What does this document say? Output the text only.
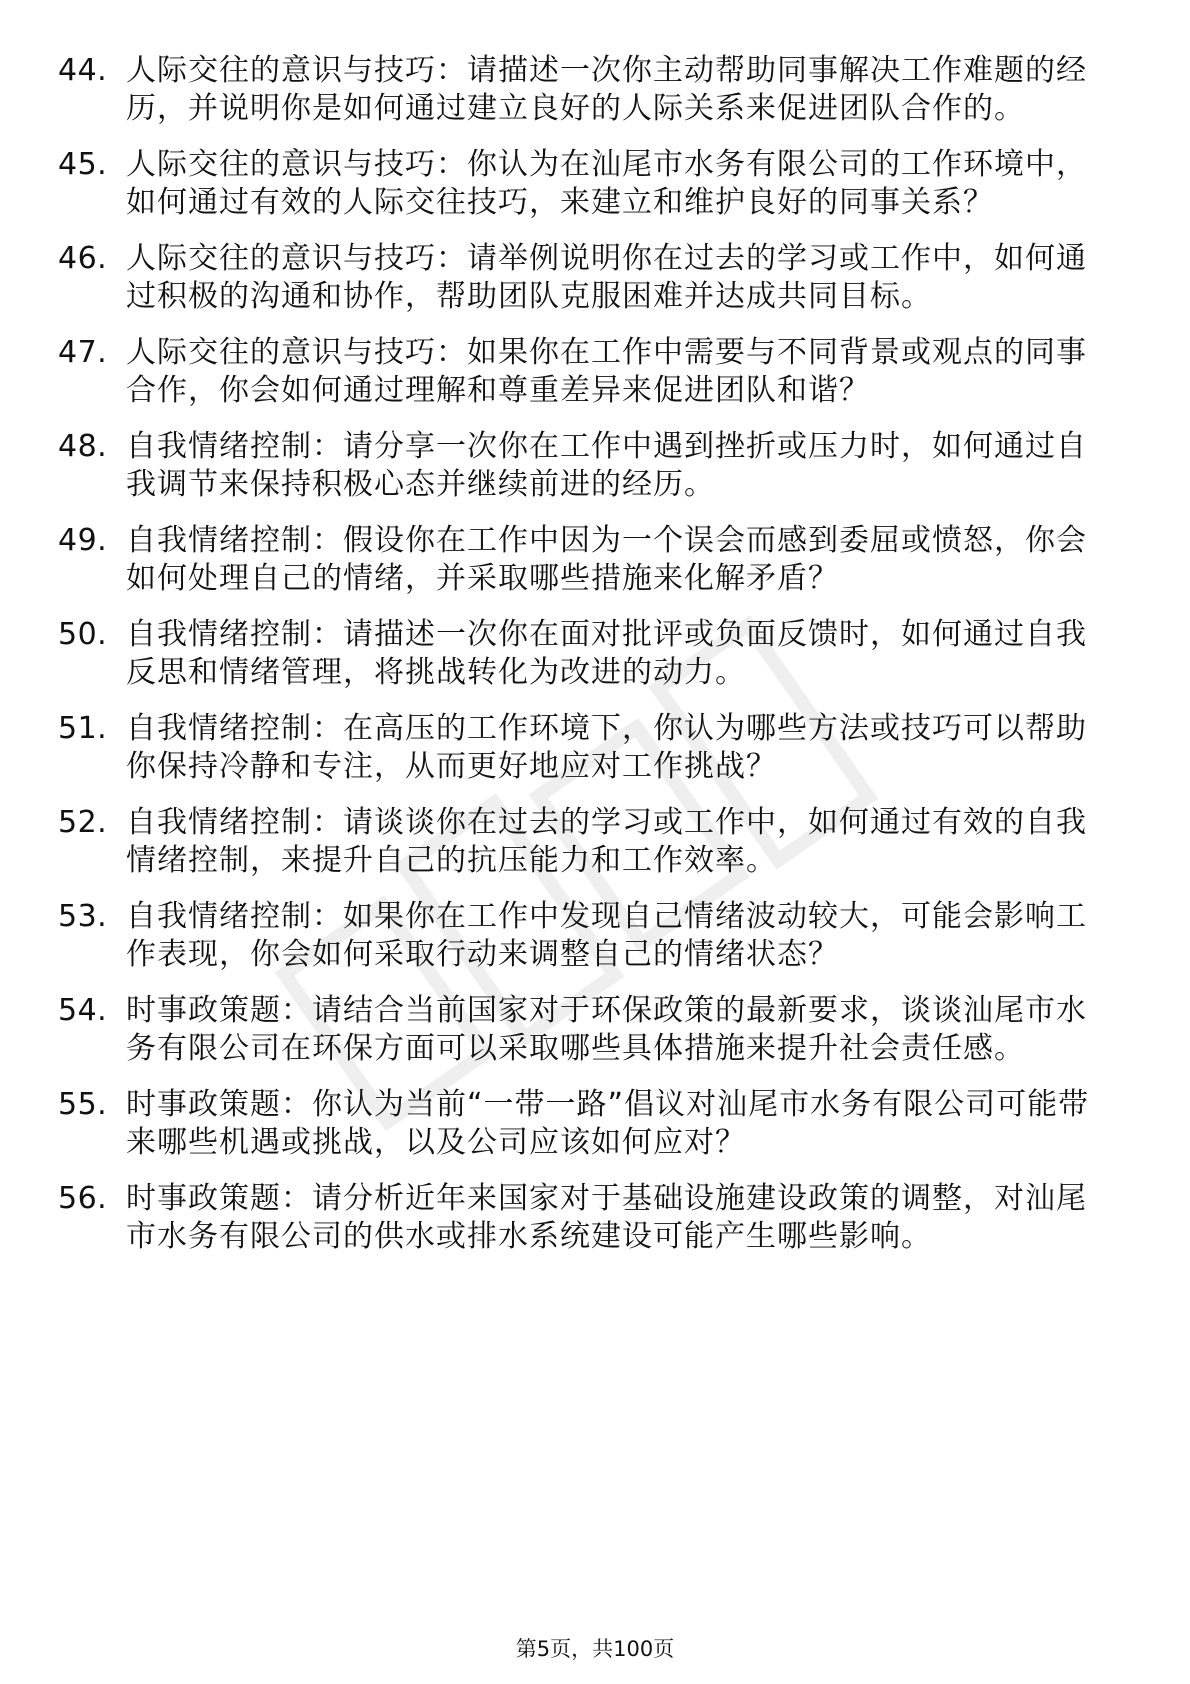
44. 人际交往的意识与技巧：请描述一次你主动帮助同事解决工作难题的经历，并说明你是如何通过建立良好的人际关系来促进团队合作的。
45. 人际交往的意识与技巧：你认为在汕尾市水务有限公司的工作环境中，如何通过有效的人际交往技巧，来建立和维护良好的同事关系？
46. 人际交往的意识与技巧：请举例说明你在过去的学习或工作中，如何通过积极的沟通和协作，帮助团队克服困难并达成共同目标。
47. 人际交往的意识与技巧：如果你在工作中需要与不同背景或观点的同事合作，你会如何通过理解和尊重差异来促进团队和谐？
48. 自我情绪控制：请分享一次你在工作中遇到挫折或压力时，如何通过自我调节来保持积极心态并继续前进的经历。
49. 自我情绪控制：假设你在工作中因为一个误会而感到委屈或愤怒，你会如何处理自己的情绪，并采取哪些措施来化解矛盾？
50. 自我情绪控制：请描述一次你在面对批评或负面反馈时，如何通过自我反思和情绪管理，将挑战转化为改进的动力。
51. 自我情绪控制：在高压的工作环境下，你认为哪些方法或技巧可以帮助你保持冷静和专注，从而更好地应对工作挑战？
52. 自我情绪控制：请谈谈你在过去的学习或工作中，如何通过有效的自我情绪控制，来提升自己的抗压能力和工作效率。
53. 自我情绪控制：如果你在工作中发现自己情绪波动较大，可能会影响工作表现，你会如何采取行动来调整自己的情绪状态？
54. 时事政策题：请结合当前国家对于环保政策的最新要求，谈谈汕尾市水务有限公司在环保方面可以采取哪些具体措施来提升社会责任感。
55. 时事政策题：你认为当前“一带一路”倡议对汕尾市水务有限公司可能带来哪些机遇或挑战，以及公司应该如何应对？
56. 时事政策题：请分析近年来国家对于基础设施建设政策的调整，对汕尾市水务有限公司的供水或排水系统建设可能产生哪些影响。
第5页，共100页
